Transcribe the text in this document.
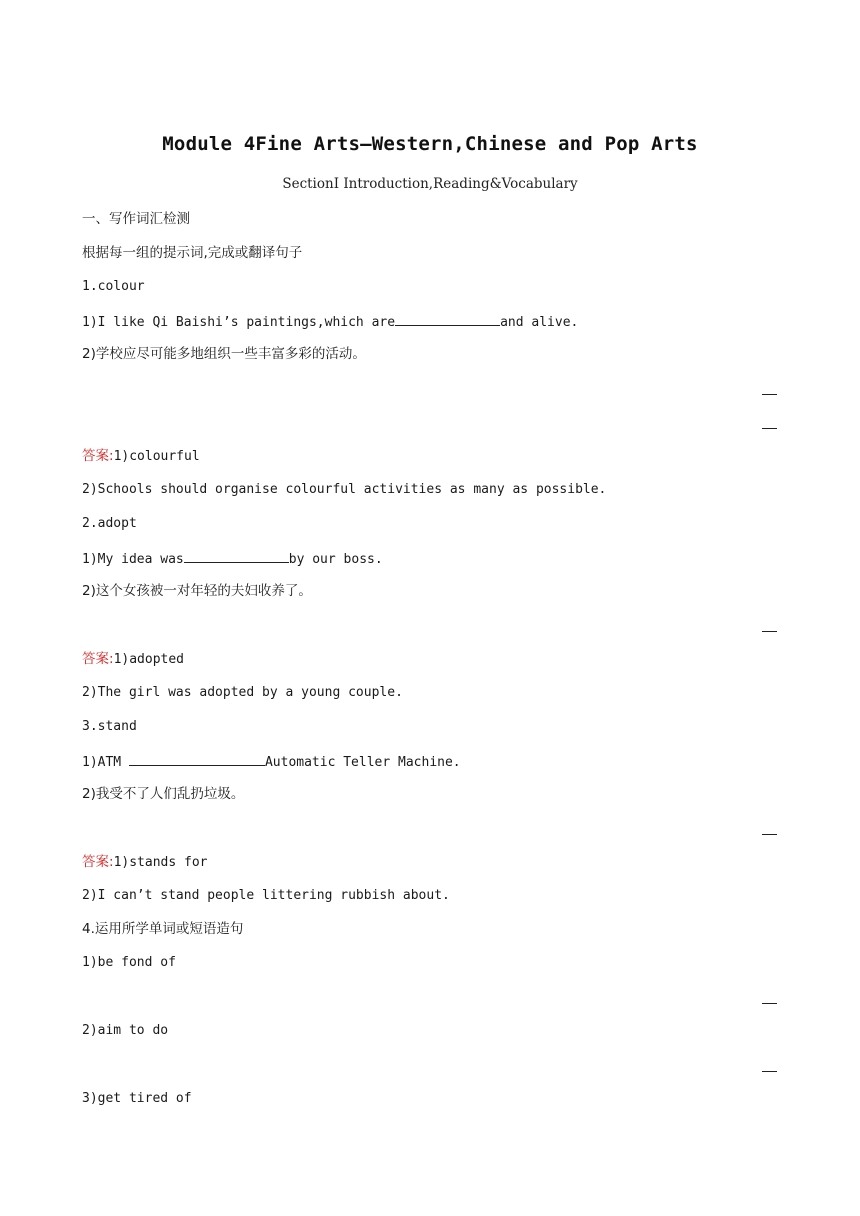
Module 4Fine Arts—Western,Chinese and Pop Arts
SectionⅠ Introduction,Reading&Vocabulary
一、写作词汇检测
根据每一组的提示词,完成或翻译句子
1.colour
1)I like Qi Baishi’s paintings,which are	and alive.
2)学校应尽可能多地组织一些丰富多彩的活动。
答案:1)colourful
2)Schools should organise colourful activities as many as possible.
2.adopt
1)My idea was	by our boss.
2)这个女孩被一对年轻的夫妇收养了。
答案:1)adopted
2)The girl was adopted by a young couple.
3.stand
1)ATM	Automatic Teller Machine.
2)我受不了人们乱扔垃圾。
答案:1)stands for
2)I can’t stand people littering rubbish about.
4.运用所学单词或短语造句
1)be fond of
2)aim to do
3)get tired of
